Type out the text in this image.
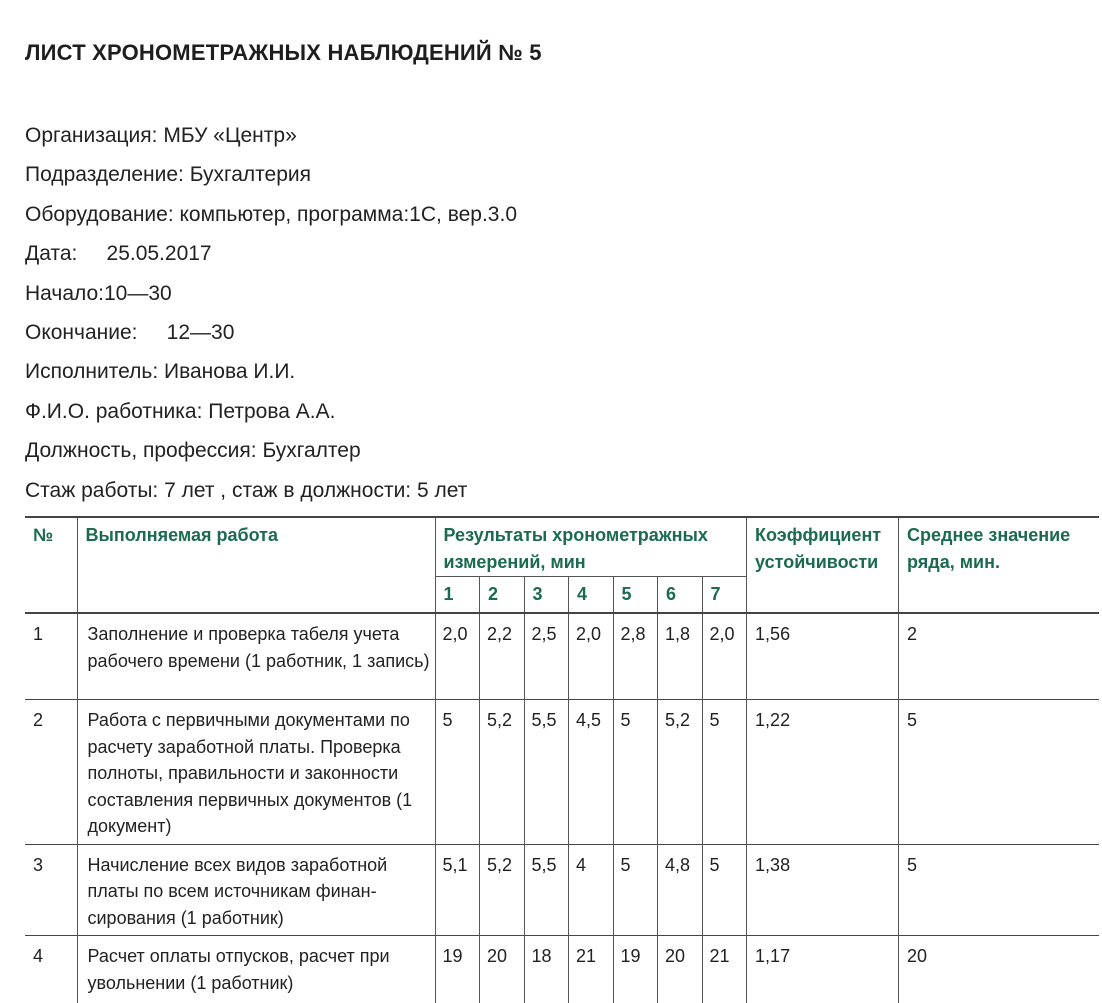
ЛИСТ ХРОНОМЕТРАЖНЫХ НАБЛЮДЕНИЙ № 5
Организация: МБУ «Центр»
Подразделение: Бухгалтерия
Оборудование: компьютер, программа:1С, вер.3.0
Дата:     25.05.2017
Начало:10—30
Окончание:     12—30
Исполнитель: Иванова И.И.
Ф.И.О. работника: Петрова А.А.
Должность, профессия: Бухгалтер
Стаж работы: 7 лет , стаж в должности: 5 лет
№	Выполняемая работа	Результаты хронометражных измерений, мин							Коэффициент устойчивости	Среднее значение ряда, мин.
		1	2	3	4	5	6	7		
1	Заполнение и проверка табеля учета рабочего времени (1 работник, 1 запись)	2,0	2,2	2,5	2,0	2,8	1,8	2,0	1,56	2
2	Работа с первичными документами по расчету заработной платы. Проверка полноты, правильности и законности составления первичных документов (1 документ)	5	5,2	5,5	4,5	5	5,2	5	1,22	5
3	Начисление всех видов заработной платы по всем источникам финансирования (1 работник)	5,1	5,2	5,5	4	5	4,8	5	1,38	5
4	Расчет оплаты отпусков, расчет при увольнении (1 работник)	19	20	18	21	19	20	21	1,17	20
